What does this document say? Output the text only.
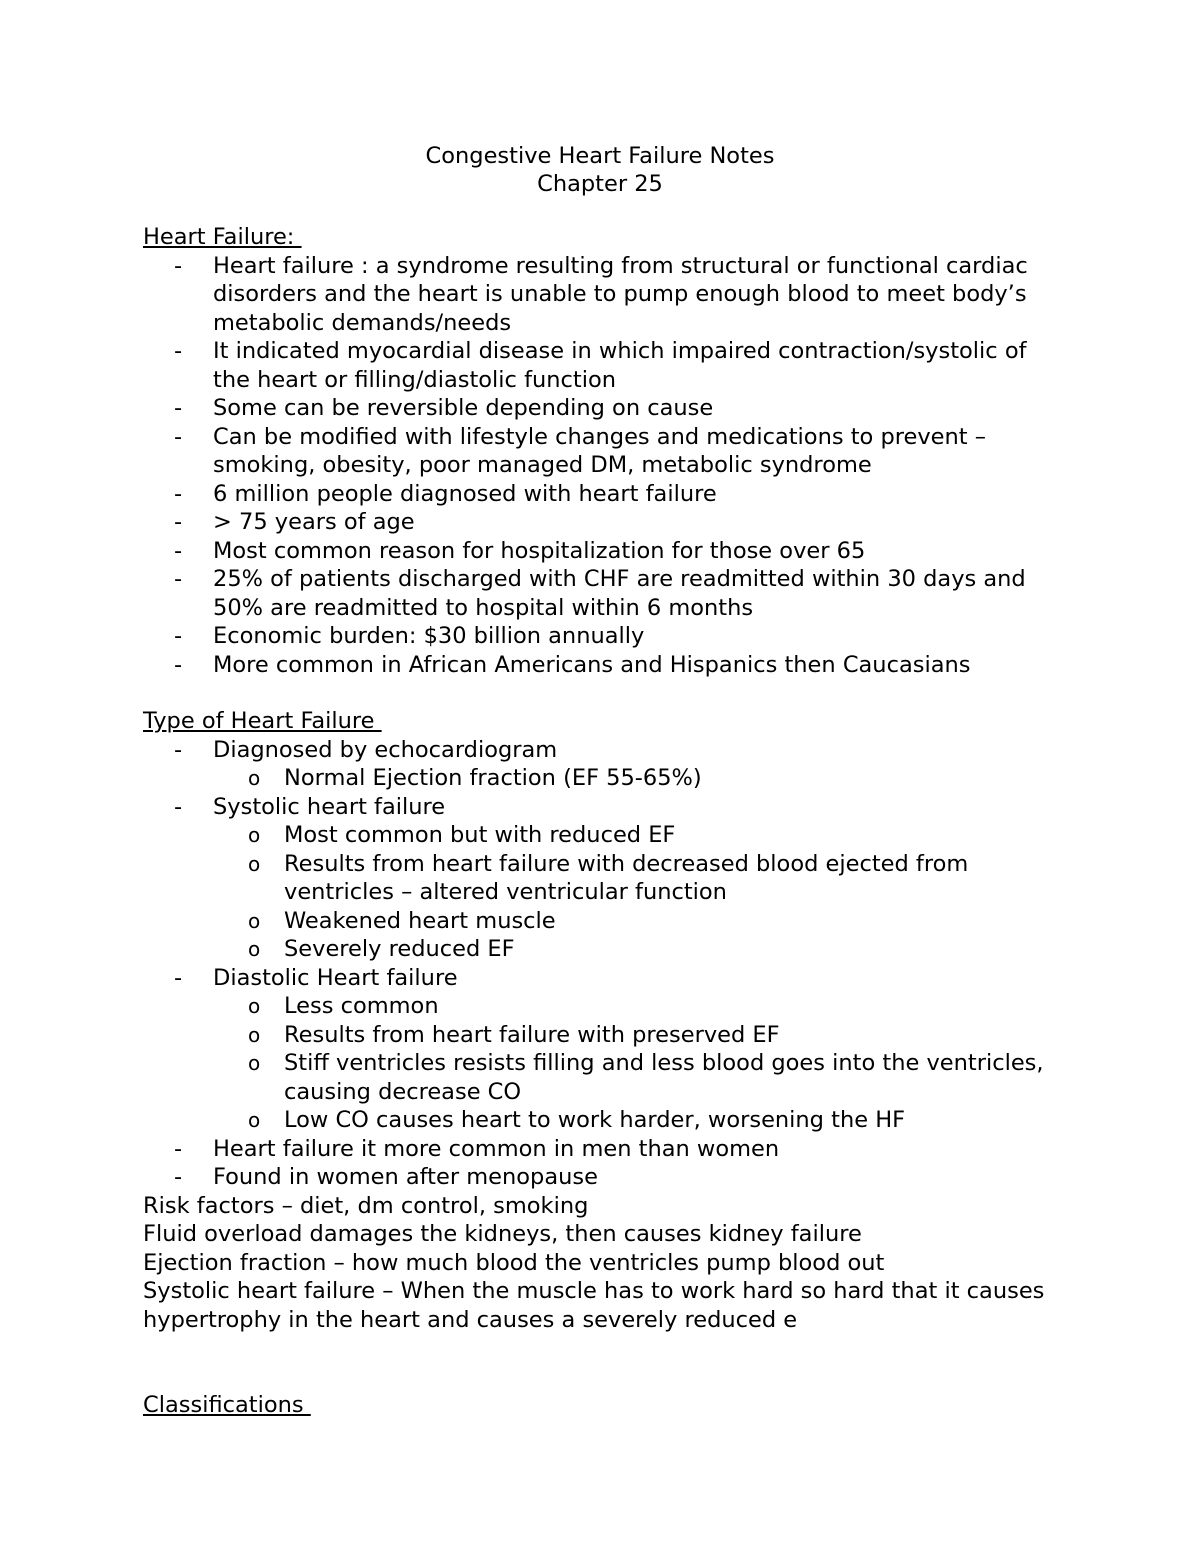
Congestive Heart Failure Notes
Chapter 25
Heart Failure:
-	Heart failure : a syndrome resulting from structural or functional cardiac disorders and the heart is unable to pump enough blood to meet body’s metabolic demands/needs
-	It indicated myocardial disease in which impaired contraction/systolic of the heart or filling/diastolic function
-	Some can be reversible depending on cause
-	Can be modified with lifestyle changes and medications to prevent – smoking, obesity, poor managed DM, metabolic syndrome
-	6 million people diagnosed with heart failure
-	> 75 years of age
-	Most common reason for hospitalization for those over 65
-	25% of patients discharged with CHF are readmitted within 30 days and 50% are readmitted to hospital within 6 months
-	Economic burden: $30 billion annually
-	More common in African Americans and Hispanics then Caucasians
Type of Heart Failure
-	Diagnosed by echocardiogram
o	Normal Ejection fraction (EF 55-65%)
-	Systolic heart failure
o	Most common but with reduced EF
o	Results from heart failure with decreased blood ejected from ventricles – altered ventricular function
o	Weakened heart muscle
o	Severely reduced EF
-	Diastolic Heart failure
o	Less common
o	Results from heart failure with preserved EF
o	Stiff ventricles resists filling and less blood goes into the ventricles, causing decrease CO
o	Low CO causes heart to work harder, worsening the HF
-	Heart failure it more common in men than women
-	Found in women after menopause
Risk factors – diet, dm control, smoking
Fluid overload damages the kidneys, then causes kidney failure
Ejection fraction – how much blood the ventricles pump blood out
Systolic heart failure – When the muscle has to work hard so hard that it causes hypertrophy in the heart and causes a severely reduced e
Classifications
